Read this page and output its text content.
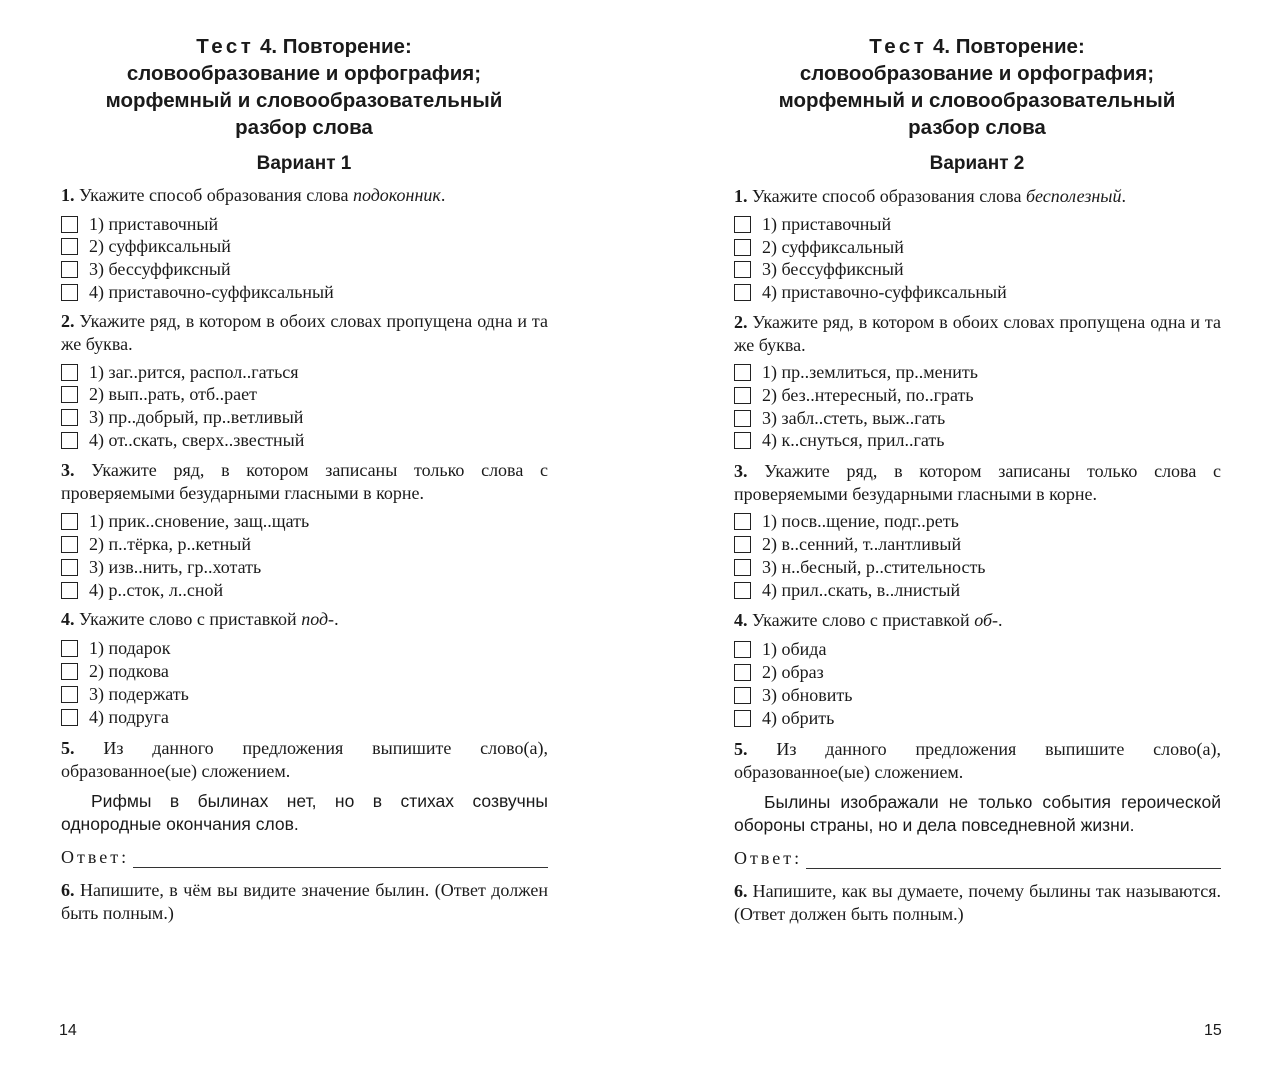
Тест 4. Повторение:
словообразование и орфография;
морфемный и словообразовательный
разбор слова
Вариант 1
1. Укажите способ образования слова подоконник.
1) приставочный
2) суффиксальный
3) бессуффиксный
4) приставочно-суффиксальный
2. Укажите ряд, в котором в обоих словах пропущена одна и та же буква.
1) заг..рится, распол..гаться
2) вып..рать, отб..рает
3) пр..добрый, пр..ветливый
4) от..скать, сверх..звестный
3. Укажите ряд, в котором записаны только слова с проверяемыми безударными гласными в корне.
1) прик..сновение, защ..щать
2) п..тёрка, р..кетный
3) изв..нить, гр..хотать
4) р..сток, л..сной
4. Укажите слово с приставкой под-.
1) подарок
2) подкова
3) подержать
4) подруга
5. Из данного предложения выпишите слово(а), образованное(ые) сложением.
Рифмы в былинах нет, но в стихах созвучны однородные окончания слов.
Ответ:
6. Напишите, в чём вы видите значение былин. (Ответ должен быть полным.)
14
Тест 4. Повторение:
словообразование и орфография;
морфемный и словообразовательный
разбор слова
Вариант 2
1. Укажите способ образования слова бесполезный.
1) приставочный
2) суффиксальный
3) бессуффиксный
4) приставочно-суффиксальный
2. Укажите ряд, в котором в обоих словах пропущена одна и та же буква.
1) пр..землиться, пр..менить
2) без..нтересный, по..грать
3) забл..стеть, выж..гать
4) к..снуться, прил..гать
3. Укажите ряд, в котором записаны только слова с проверяемыми безударными гласными в корне.
1) посв..щение, подг..реть
2) в..сенний, т..лантливый
3) н..бесный, р..стительность
4) прил..скать, в..лнистый
4. Укажите слово с приставкой об-.
1) обида
2) образ
3) обновить
4) обрить
5. Из данного предложения выпишите слово(а), образованное(ые) сложением.
Былины изображали не только события героической обороны страны, но и дела повседневной жизни.
Ответ:
6. Напишите, как вы думаете, почему былины так называются. (Ответ должен быть полным.)
15
